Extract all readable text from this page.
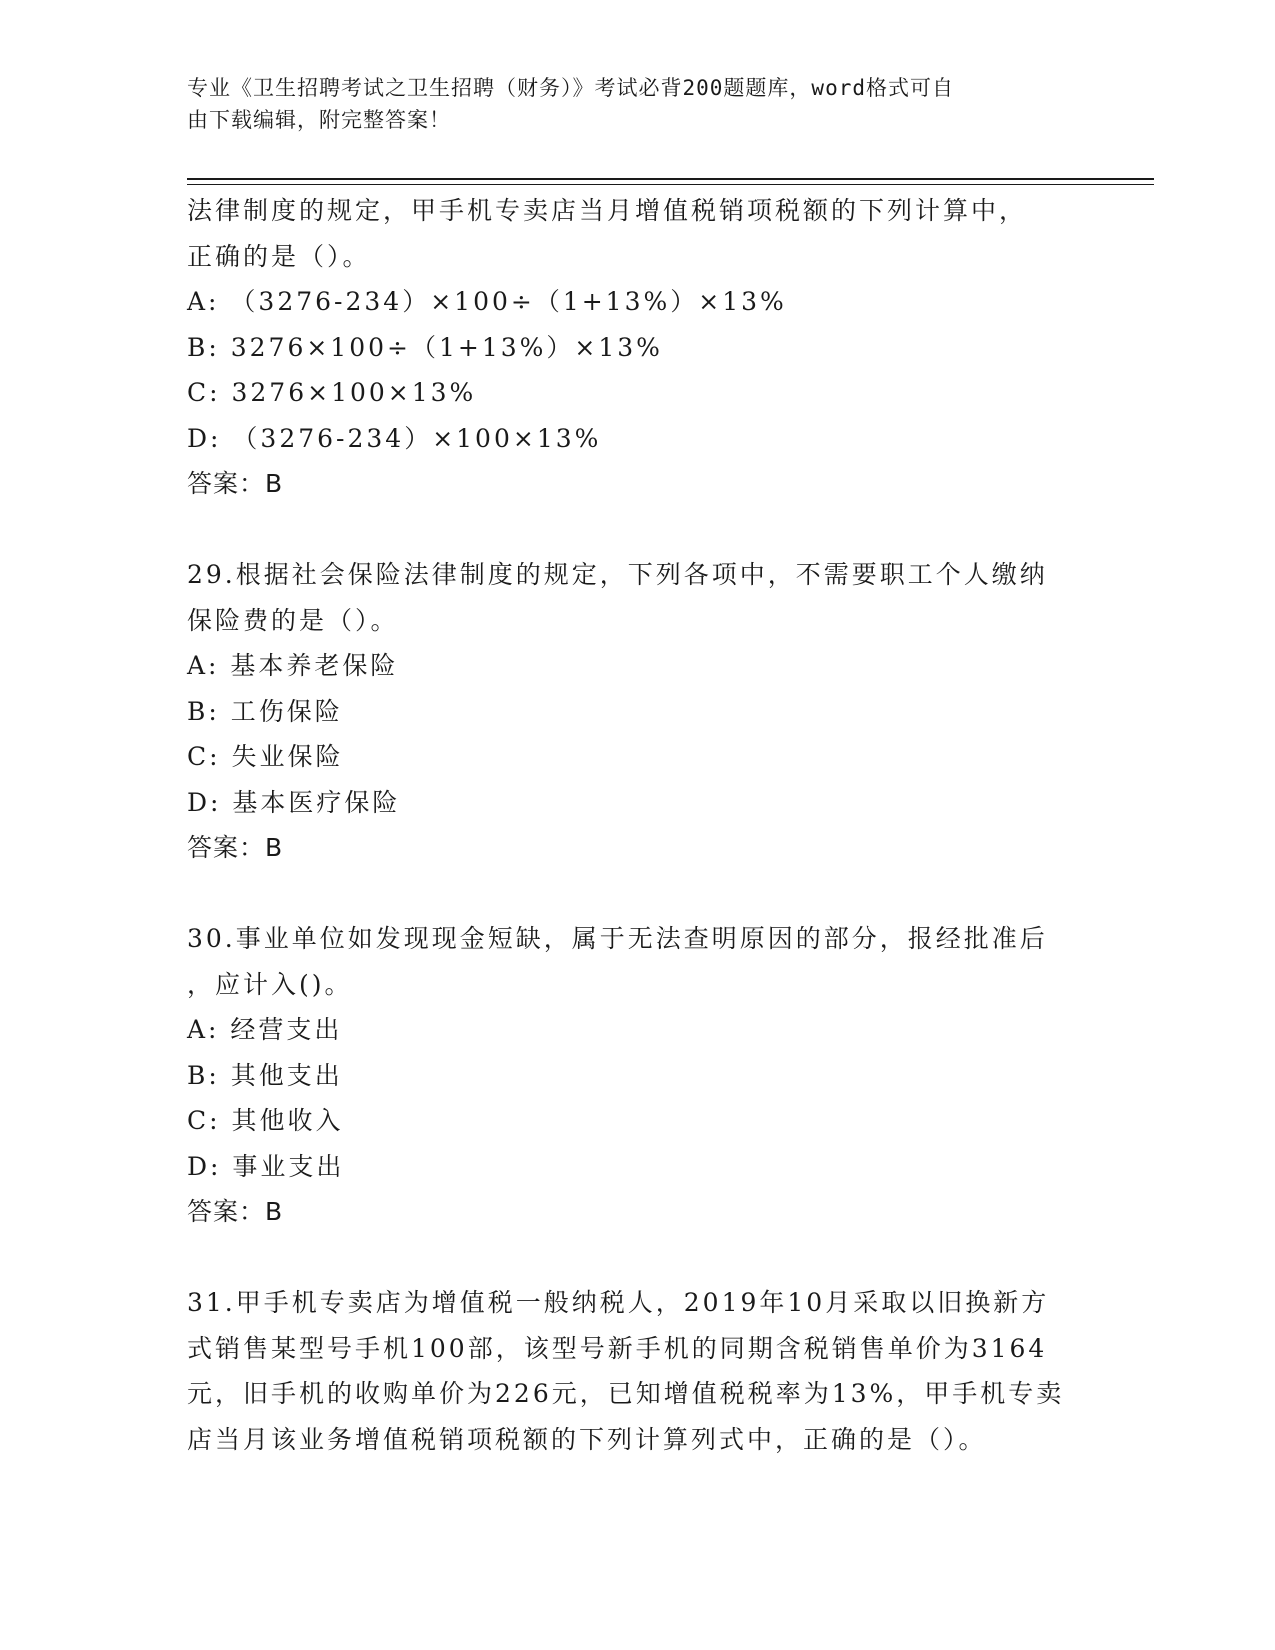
专业《卫生招聘考试之卫生招聘（财务）》考试必背200题题库，word格式可自
由下载编辑，附完整答案！
法律制度的规定，甲手机专卖店当月增值税销项税额的下列计算中，
正确的是（）。
A: （3276-234）×100÷（1+13%）×13%
B: 3276×100÷（1+13%）×13%
C: 3276×100×13%
D: （3276-234）×100×13%
答案：B
29.根据社会保险法律制度的规定，下列各项中，不需要职工个人缴纳
保险费的是（）。
A: 基本养老保险
B: 工伤保险
C: 失业保险
D: 基本医疗保险
答案：B
30.事业单位如发现现金短缺，属于无法查明原因的部分，报经批准后
，应计入()。
A: 经营支出
B: 其他支出
C: 其他收入
D: 事业支出
答案：B
31.甲手机专卖店为增值税一般纳税人，2019年10月采取以旧换新方
式销售某型号手机100部，该型号新手机的同期含税销售单价为3164
元，旧手机的收购单价为226元，已知增值税税率为13%，甲手机专卖
店当月该业务增值税销项税额的下列计算列式中，正确的是（）。
